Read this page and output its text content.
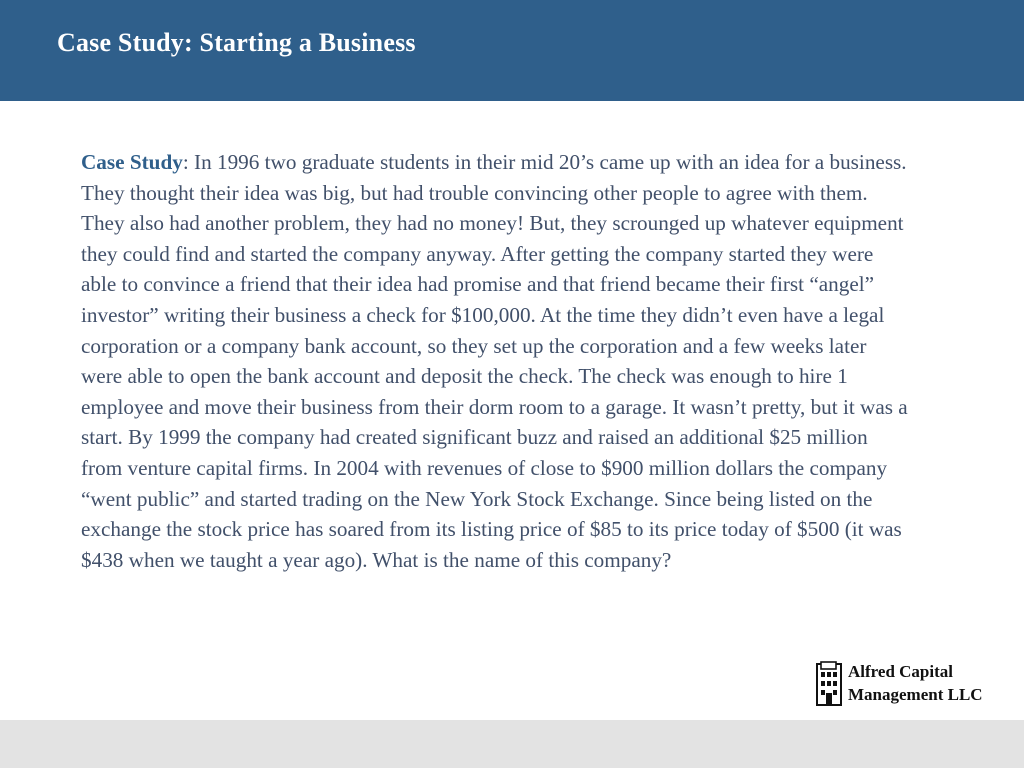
Case Study: Starting a Business

Case Study: In 1996 two graduate students in their mid 20’s came up with an idea for a business. They thought their idea was big, but had trouble convincing other people to agree with them. They also had another problem, they had no money! But, they scrounged up whatever equipment they could find and started the company anyway. After getting the company started they were able to convince a friend that their idea had promise and that friend became their first “angel” investor” writing their business a check for $100,000. At the time they didn’t even have a legal corporation or a company bank account, so they set up the corporation and a few weeks later were able to open the bank account and deposit the check. The check was enough to hire 1 employee and move their business from their dorm room to a garage. It wasn’t pretty, but it was a start. By 1999 the company had created significant buzz and raised an additional $25 million from venture capital firms. In 2004 with revenues of close to $900 million dollars the company “went public” and started trading on the New York Stock Exchange. Since being listed on the exchange the stock price has soared from its listing price of $85 to its price today of $500 (it was $438 when we taught a year ago). What is the name of this company?

Alfred Capital
Management LLC
